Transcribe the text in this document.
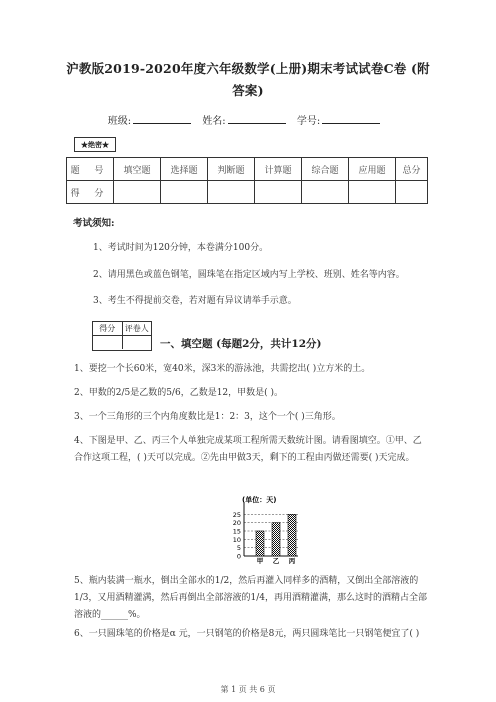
沪教版2019-2020年度六年级数学(上册)期末考试试卷C卷 (附答案)
班级:	姓名:	学号:
★绝密★
题 号	填空题	选择题	判断题	计算题	综合题	应用题	总分
得 分							
考试须知:
1、考试时间为120分钟，本卷满分100分。
2、请用黑色或蓝色钢笔，圆珠笔在指定区域内写上学校、班别、姓名等内容。
3、考生不得提前交卷，若对题有异议请举手示意。
得分	评卷人
一、填空题 (每题2分，共计12分)
1、要挖一个长60米，宽40米，深3米的游泳池，共需挖出( )立方米的土。
2、甲数的2/5是乙数的5/6，乙数是12，甲数是( )。
3、一个三角形的三个内角度数比是1：2：3，这个一个( )三角形。
4、下图是甲、乙、丙三个人单独完成某项工程所需天数统计图。请看图填空。①甲、乙合作这项工程，( )天可以完成。②先由甲做3天，剩下的工程由丙做还需要( )天完成。
(单位：天)
0
5
10
15
20
25
甲 乙 丙
5、瓶内装满一瓶水，倒出全部水的1/2，然后再灌入同样多的酒精，又倒出全部溶液的1/3，又用酒精灌满，然后再倒出全部溶液的1/4，再用酒精灌满，那么这时的酒精占全部溶液的______%。
6、一只圆珠笔的价格是α 元，一只钢笔的价格是8元，两只圆珠笔比一只钢笔便宜了( )
第 1 页 共 6 页
